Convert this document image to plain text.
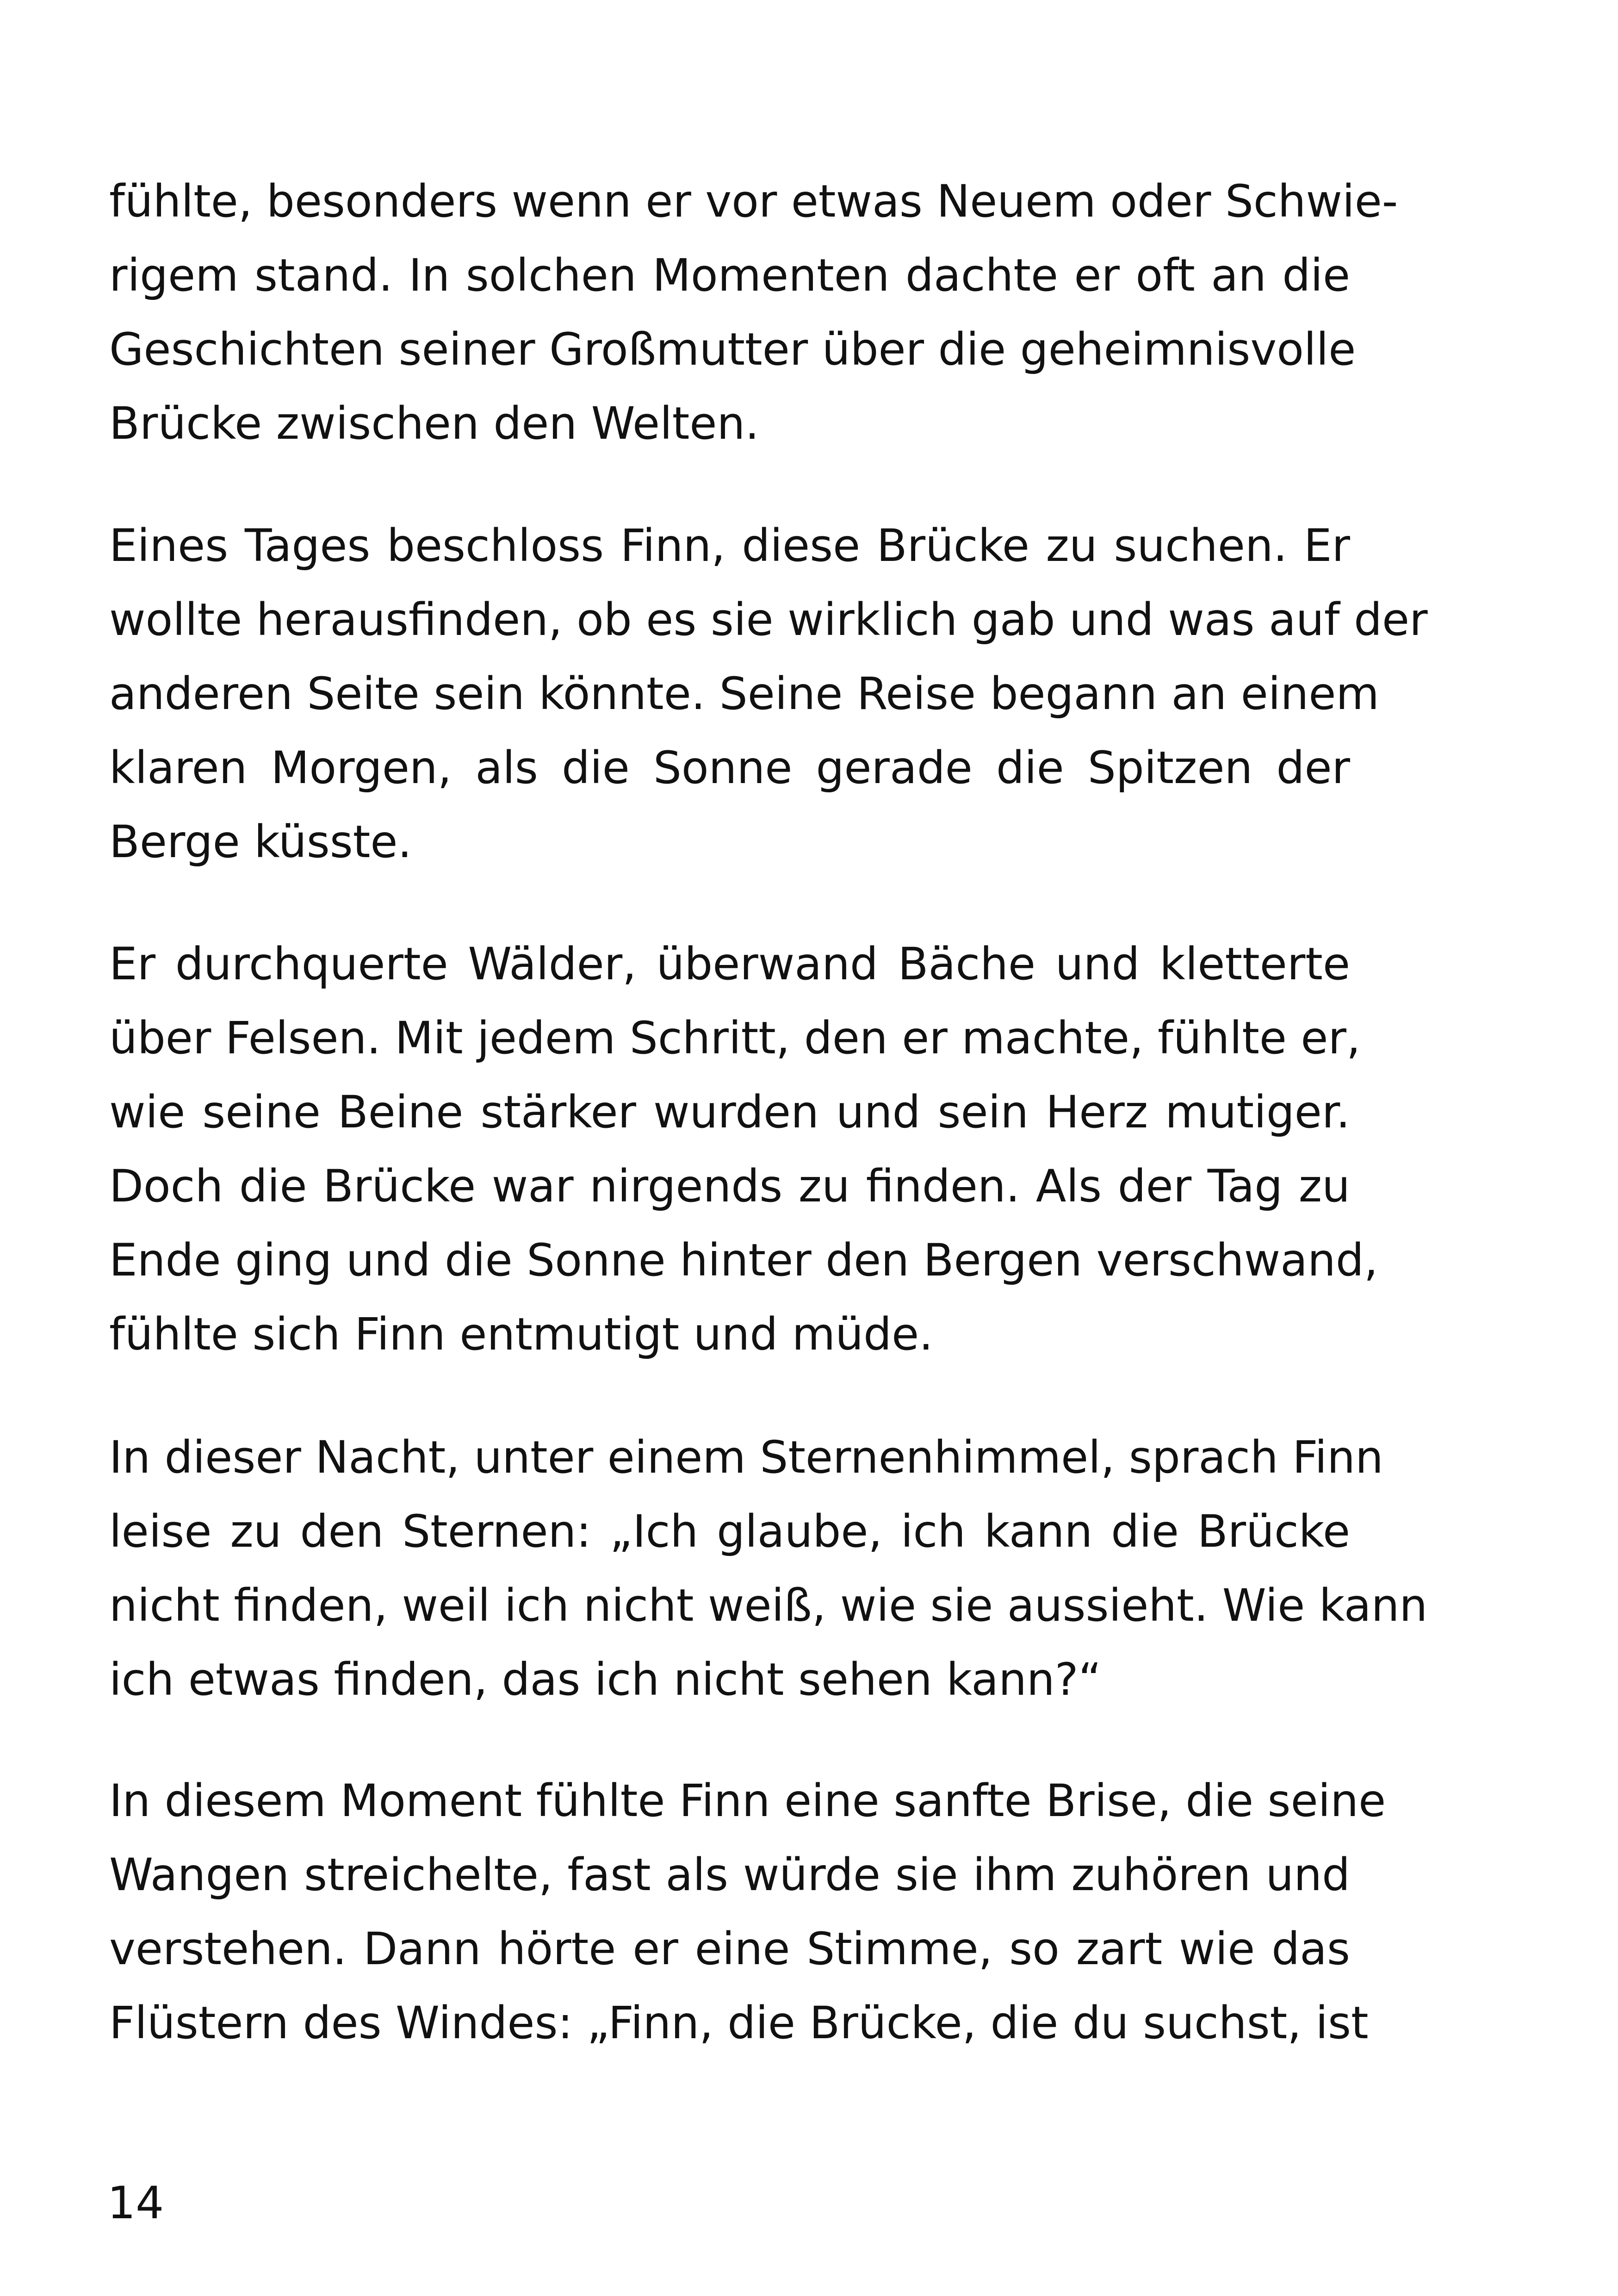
fühlte, besonders wenn er vor etwas Neuem oder Schwie-
rigem stand. In solchen Momenten dachte er oft an die
Geschichten seiner Großmutter über die geheimnisvolle
Brücke zwischen den Welten.
Eines Tages beschloss Finn, diese Brücke zu suchen. Er
wollte herausfinden, ob es sie wirklich gab und was auf der
anderen Seite sein könnte. Seine Reise begann an einem
klaren Morgen, als die Sonne gerade die Spitzen der
Berge küsste.
Er durchquerte Wälder, überwand Bäche und kletterte
über Felsen. Mit jedem Schritt, den er machte, fühlte er,
wie seine Beine stärker wurden und sein Herz mutiger.
Doch die Brücke war nirgends zu finden. Als der Tag zu
Ende ging und die Sonne hinter den Bergen verschwand,
fühlte sich Finn entmutigt und müde.
In dieser Nacht, unter einem Sternenhimmel, sprach Finn
leise zu den Sternen: „Ich glaube, ich kann die Brücke
nicht finden, weil ich nicht weiß, wie sie aussieht. Wie kann
ich etwas finden, das ich nicht sehen kann?“
In diesem Moment fühlte Finn eine sanfte Brise, die seine
Wangen streichelte, fast als würde sie ihm zuhören und
verstehen. Dann hörte er eine Stimme, so zart wie das
Flüstern des Windes: „Finn, die Brücke, die du suchst, ist
14
